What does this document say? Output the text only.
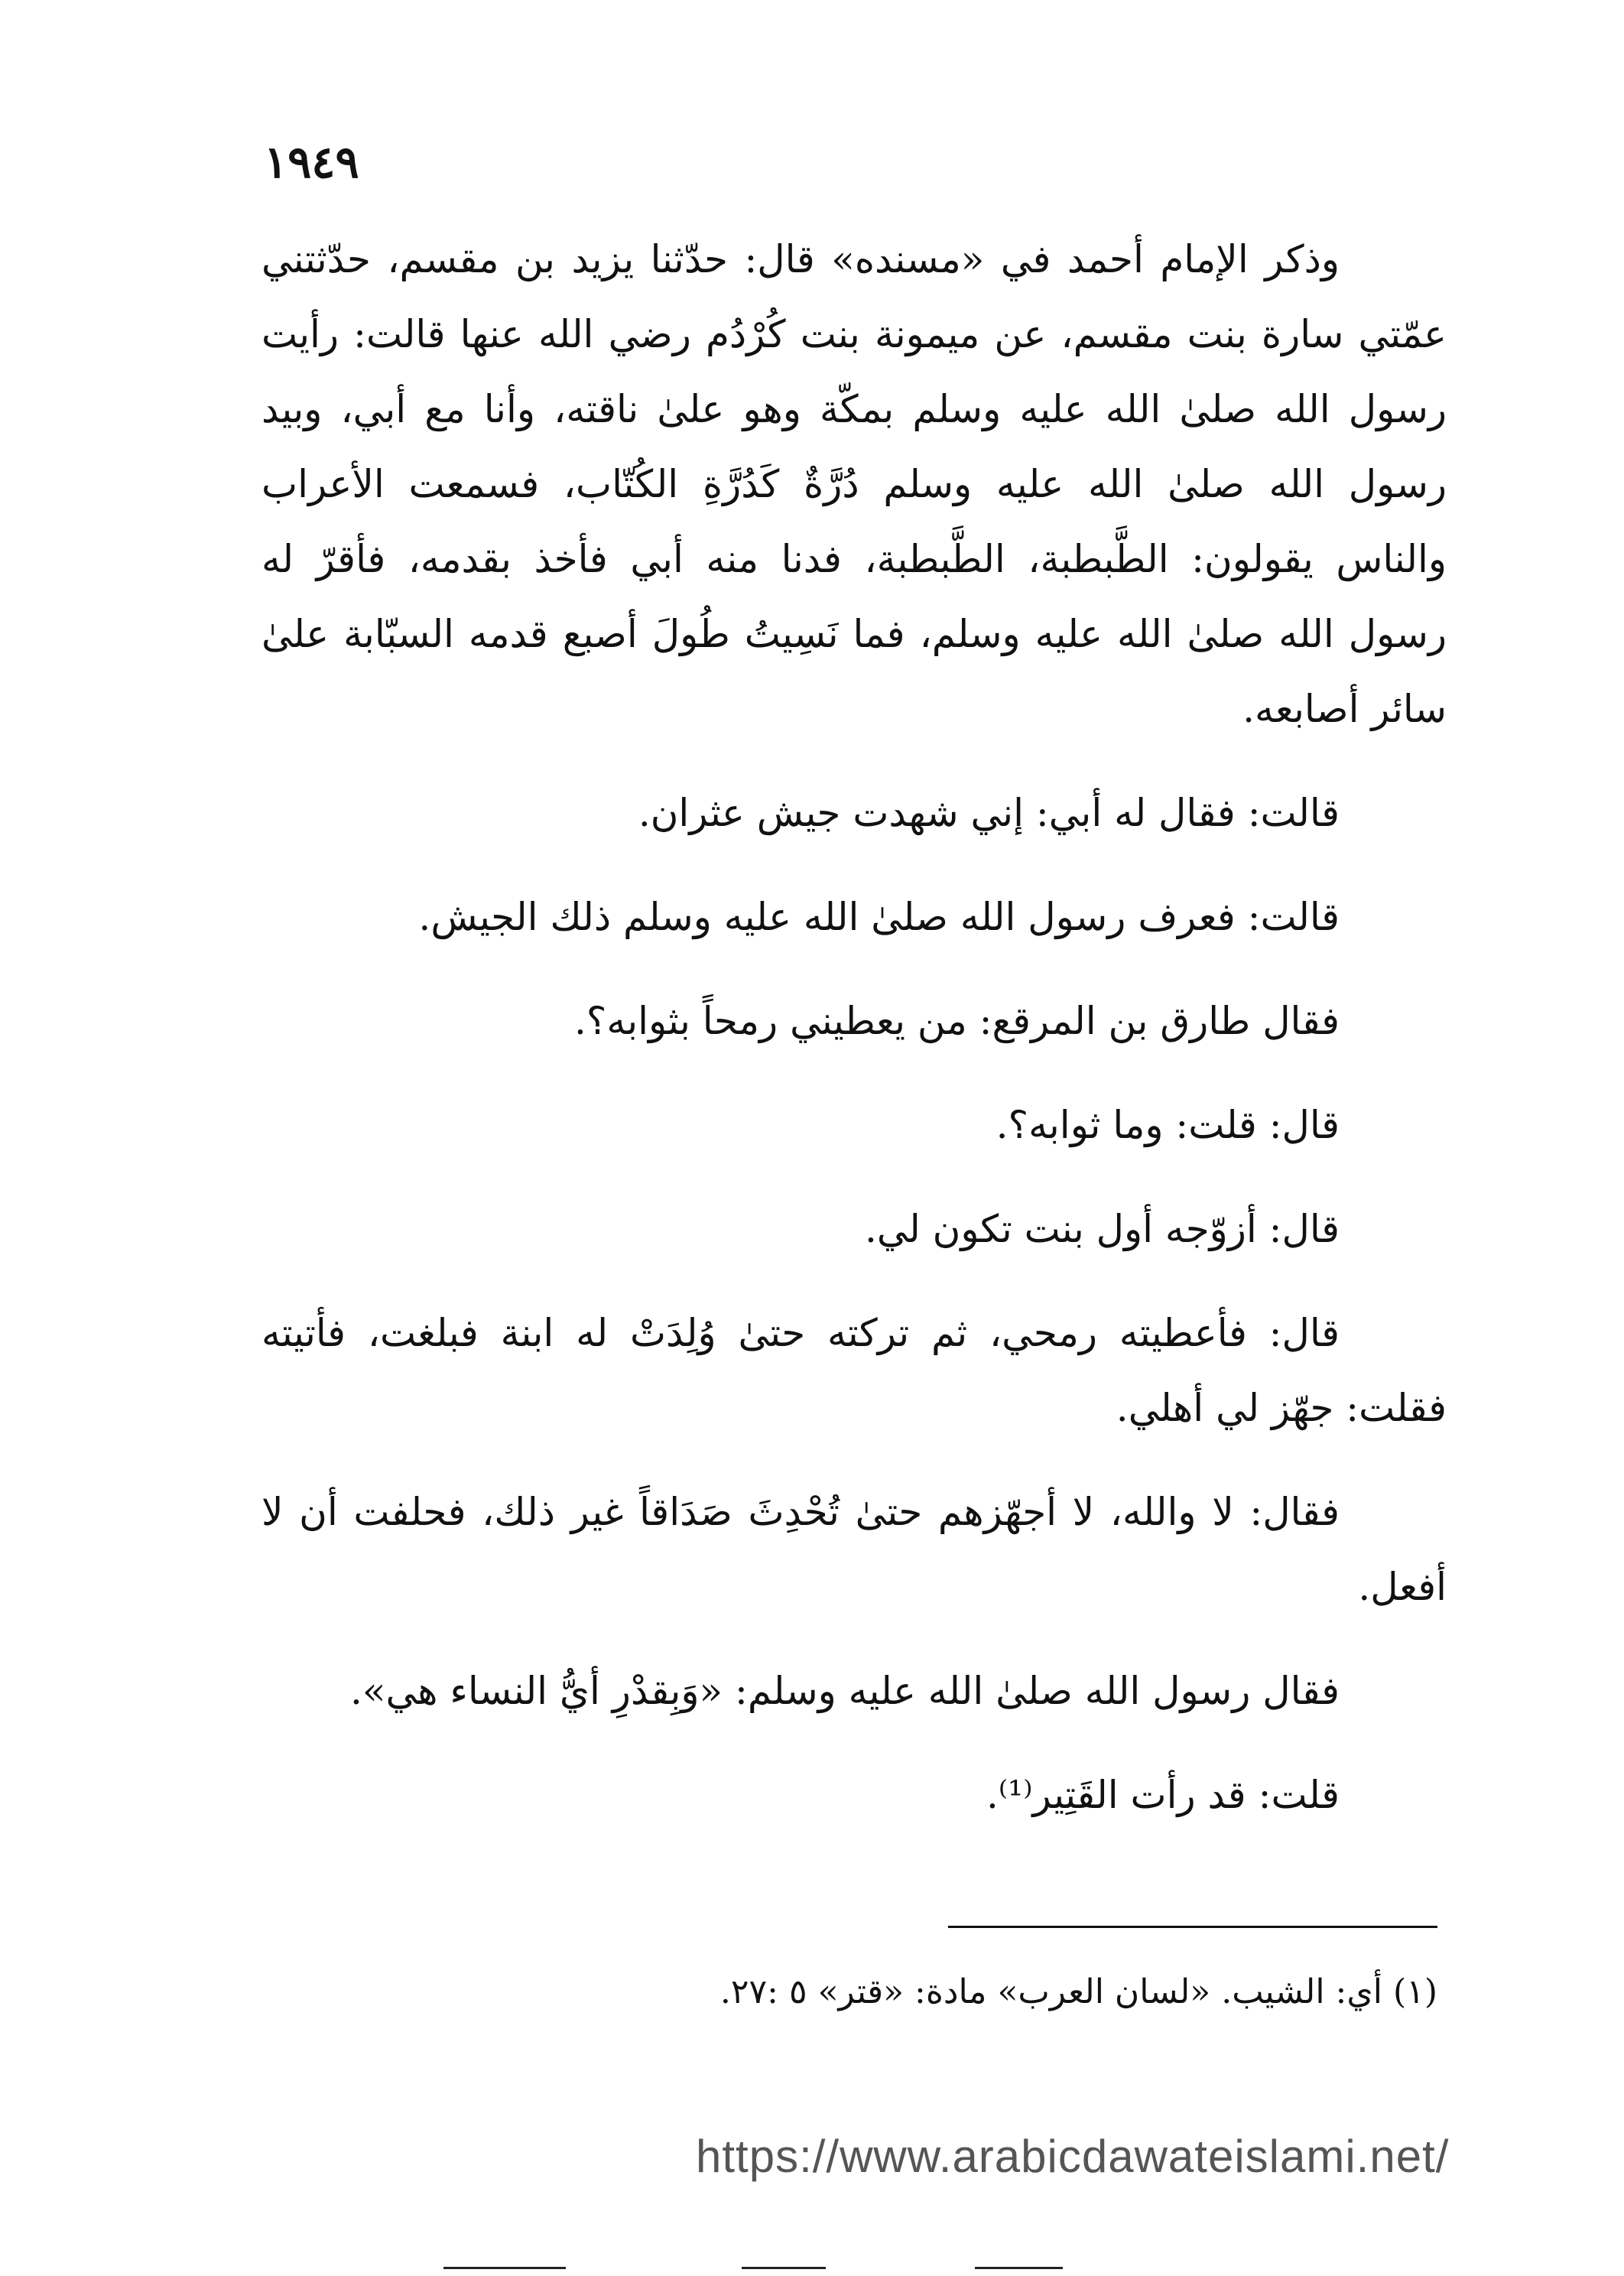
١٩٤٩

وذكر الإمام أحمد في «مسنده» قال: حدّثنا يزيد بن مقسم، حدّثتني عمّتي سارة بنت مقسم، عن ميمونة بنت كُرْدُم رضي الله عنها قالت: رأيت رسول الله صلىٰ الله عليه وسلم بمكّة وهو علىٰ ناقته، وأنا مع أبي، وبيد رسول الله صلىٰ الله عليه وسلم دُرَّةٌ كَدُرَّةِ الكُتّاب، فسمعت الأعراب والناس يقولون: الطَّبطبة، الطَّبطبة، فدنا منه أبي فأخذ بقدمه، فأقرّ له رسول الله صلىٰ الله عليه وسلم، فما نَسِيتُ طُولَ أصبع قدمه السبّابة علىٰ سائر أصابعه.

قالت: فقال له أبي: إني شهدت جيش عثران.

قالت: فعرف رسول الله صلىٰ الله عليه وسلم ذلك الجيش.

فقال طارق بن المرقع: من يعطيني رمحاً بثوابه؟.

قال: قلت: وما ثوابه؟.

قال: أزوّجه أول بنت تكون لي.

قال: فأعطيته رمحي، ثم تركته حتىٰ وُلِدَتْ له ابنة فبلغت، فأتيته فقلت: جهّز لي أهلي.

فقال: لا والله، لا أجهّزهم حتىٰ تُحْدِثَ صَدَاقاً غير ذلك، فحلفت أن لا أفعل.

فقال رسول الله صلىٰ الله عليه وسلم: «وَبِقدْرِ أيُّ النساء هي».

قلت: قد رأت القَتِير⁽¹⁾.

(١) أي: الشيب. «لسان العرب» مادة: «قتر» ٥ :٢٧.
https://www.arabicdawateislami.net/
